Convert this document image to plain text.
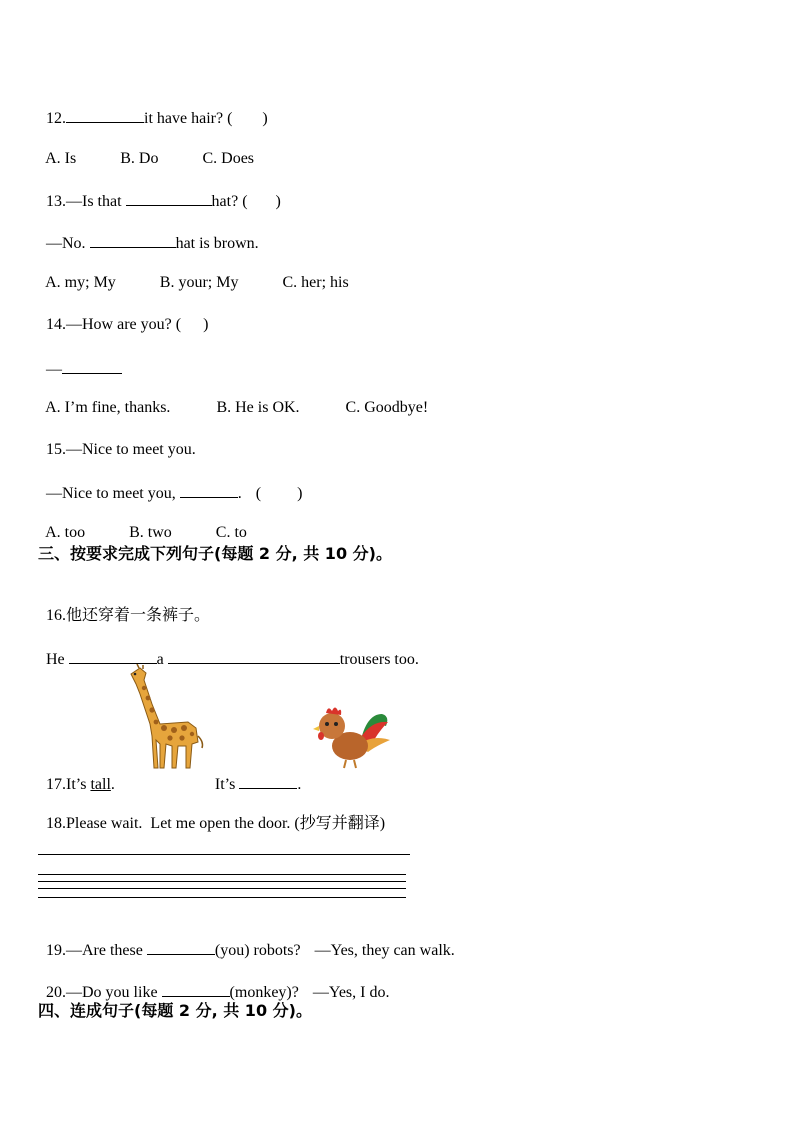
12.	it have hair? ( )

A. Is	B. Do	C. Does

13.—Is that	hat? ( )

—No.	hat is brown.

A. my; My	B. your; My	C. her; his

14.—How are you? ( )

—

A. I’m fine, thanks.	B. He is OK.	C. Goodbye!

15.—Nice to meet you.

—Nice to meet you,	. ( )

A. too	B. two	C. to

三、按要求完成下列句子(每题 2 分, 共 10 分)。

16.他还穿着一条裤子。

He	a	trousers too.

17.It’s tall.	It’s	.

18.Please wait.  Let me open the door. (抄写并翻译)

19.—Are these	(you) robots? —Yes, they can walk.

20.—Do you like	(monkey)? —Yes, I do.

四、连成句子(每题 2 分, 共 10 分)。
